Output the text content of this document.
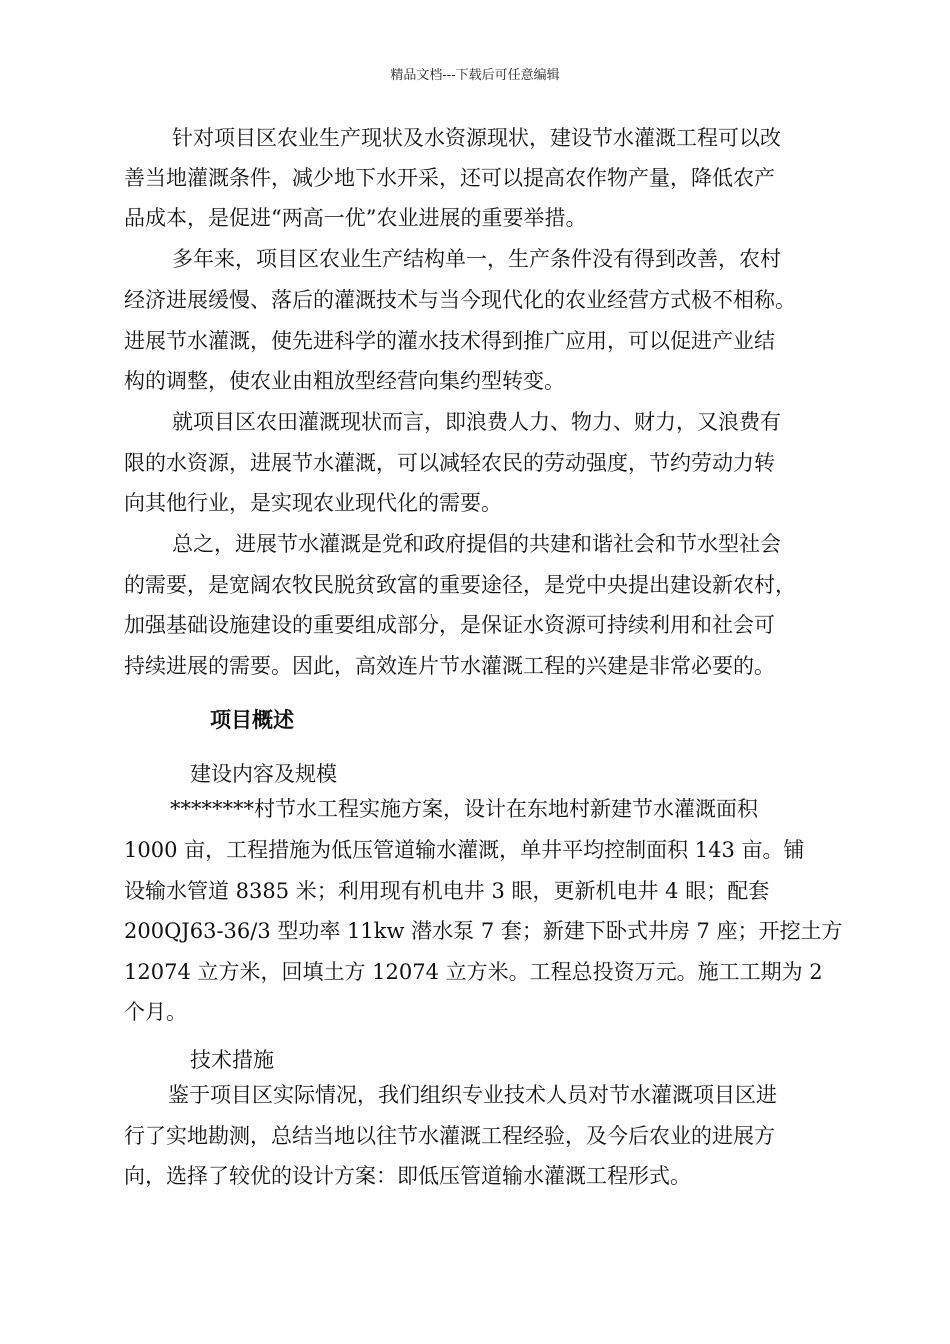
精品文档---下载后可任意编辑
针对项目区农业生产现状及水资源现状，建设节水灌溉工程可以改
善当地灌溉条件，减少地下水开采，还可以提高农作物产量，降低农产
品成本，是促进“两高一优”农业进展的重要举措。
多年来，项目区农业生产结构单一，生产条件没有得到改善，农村
经济进展缓慢、落后的灌溉技术与当今现代化的农业经营方式极不相称。
进展节水灌溉，使先进科学的灌水技术得到推广应用，可以促进产业结
构的调整，使农业由粗放型经营向集约型转变。
就项目区农田灌溉现状而言，即浪费人力、物力、财力，又浪费有
限的水资源，进展节水灌溉，可以减轻农民的劳动强度，节约劳动力转
向其他行业，是实现农业现代化的需要。
总之，进展节水灌溉是党和政府提倡的共建和谐社会和节水型社会
的需要，是宽阔农牧民脱贫致富的重要途径，是党中央提出建设新农村，
加强基础设施建设的重要组成部分，是保证水资源可持续利用和社会可
持续进展的需要。因此，高效连片节水灌溉工程的兴建是非常必要的。
项目概述
建设内容及规模
********村节水工程实施方案，设计在东地村新建节水灌溉面积
1000 亩，工程措施为低压管道输水灌溉，单井平均控制面积 143 亩。铺
设输水管道 8385 米；利用现有机电井 3 眼，更新机电井 4 眼；配套
200QJ63-36/3 型功率 11kw 潜水泵 7 套；新建下卧式井房 7 座；开挖土方
12074 立方米，回填土方 12074 立方米。工程总投资万元。施工工期为 2
个月。
技术措施
鉴于项目区实际情况，我们组织专业技术人员对节水灌溉项目区进
行了实地勘测，总结当地以往节水灌溉工程经验，及今后农业的进展方
向，选择了较优的设计方案：即低压管道输水灌溉工程形式。
